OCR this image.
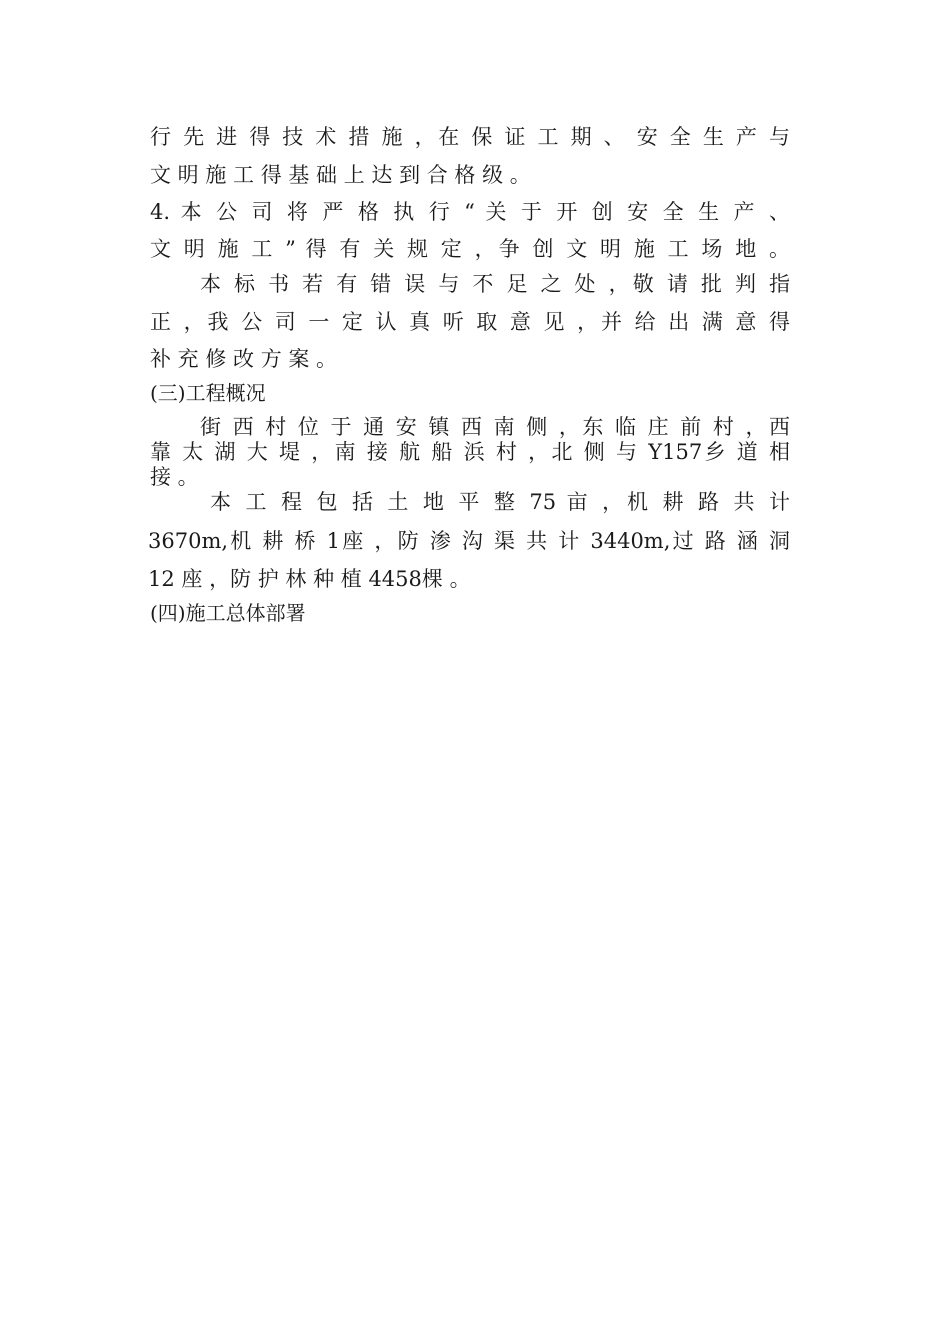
行 先 进 得 技 术 措 施 ，在 保 证 工 期 、 安 全 生 产 与
文 明 施 工 得 基 础 上 达 到 合 格 级 。
4. 本 公 司 将 严 格 执 行 “ 关 于 开 创 安 全 生 产 、
文 明 施 工 ” 得 有 关 规 定 ，争 创 文 明 施 工 场 地 。
本 标 书 若 有 错 误 与 不 足 之 处 ，敬 请 批 判 指
正 ，我 公 司 一 定 认 真 听 取 意 见 ，并 给 出 满 意 得
补 充 修 改 方 案 。
(三)工程概况
街 西 村 位 于 通 安 镇 西 南 侧 ，东 临 庄 前 村 ，西
靠 太 湖 大 堤 ，南 接 航 船 浜 村 ，北 侧 与 Y157乡 道 相
接 。
本 工 程 包 括 土 地 平 整 75 亩 ，机 耕 路 共 计
3670m,机 耕 桥 1座 ，防 渗 沟 渠 共 计 3440m,过 路 涵 洞
12 座 ，防 护 林 种 植 4458棵 。
(四)施工总体部署
